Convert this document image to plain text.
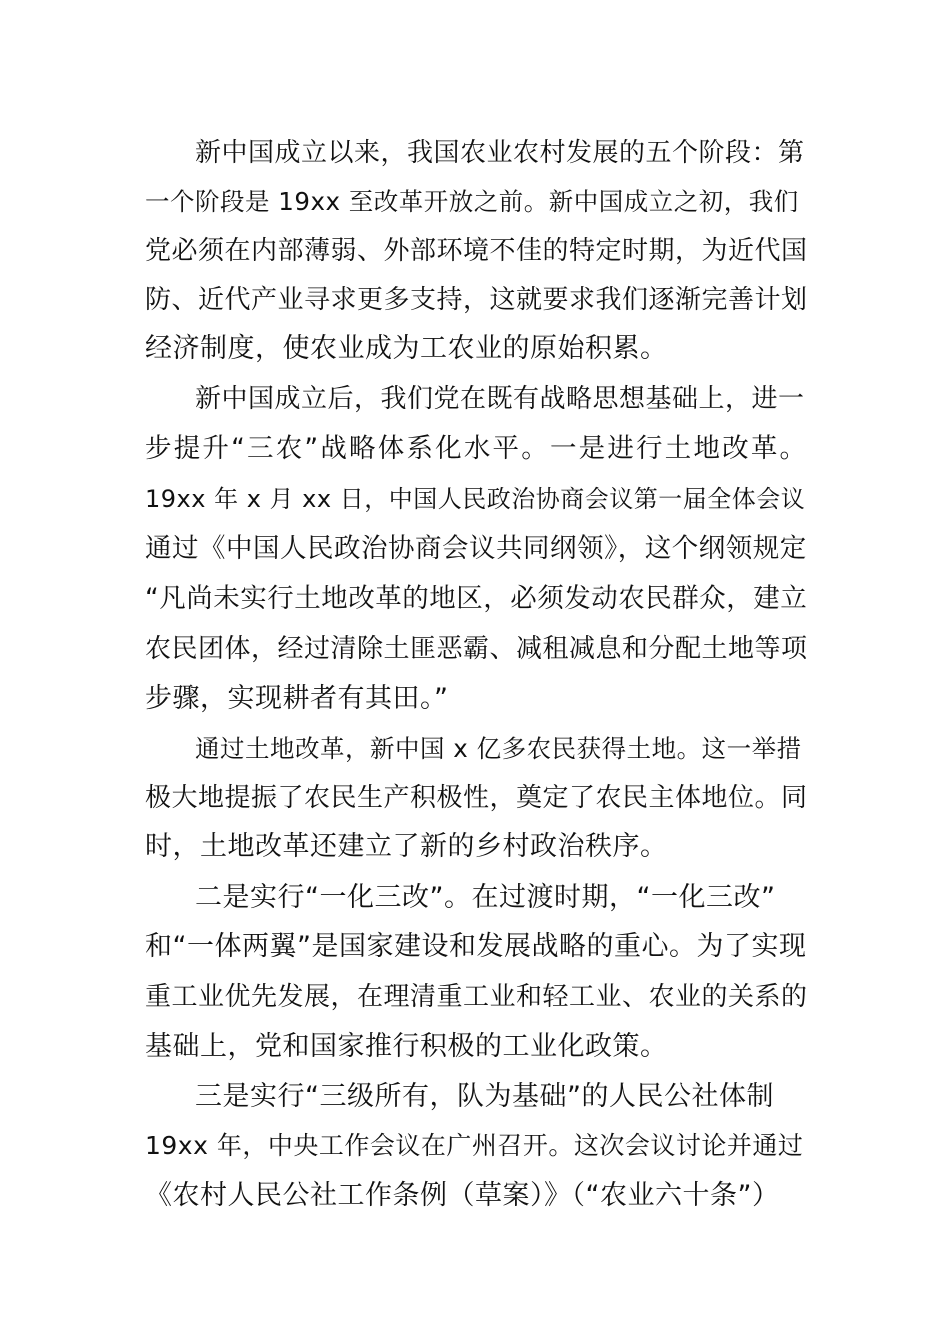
新中国成立以来，我国农业农村发展的五个阶段：第
一个阶段是 19xx 至改革开放之前。新中国成立之初，我们
党必须在内部薄弱、外部环境不佳的特定时期，为近代国
防、近代产业寻求更多支持，这就要求我们逐渐完善计划
经济制度，使农业成为工农业的原始积累。
新中国成立后，我们党在既有战略思想基础上，进一
步提升“三农”战略体系化水平。一是进行土地改革。
19xx 年 x 月 xx 日，中国人民政治协商会议第一届全体会议
通过《中国人民政治协商会议共同纲领》，这个纲领规定
“凡尚未实行土地改革的地区，必须发动农民群众，建立
农民团体，经过清除土匪恶霸、减租减息和分配土地等项
步骤，实现耕者有其田。”
通过土地改革，新中国 x 亿多农民获得土地。这一举措
极大地提振了农民生产积极性，奠定了农民主体地位。同
时，土地改革还建立了新的乡村政治秩序。
二是实行“一化三改”。在过渡时期，“一化三改”
和“一体两翼”是国家建设和发展战略的重心。为了实现
重工业优先发展，在理清重工业和轻工业、农业的关系的
基础上，党和国家推行积极的工业化政策。
三是实行“三级所有，队为基础”的人民公社体制
19xx 年，中央工作会议在广州召开。这次会议讨论并通过
《农村人民公社工作条例（草案）》（“农业六十条”）
